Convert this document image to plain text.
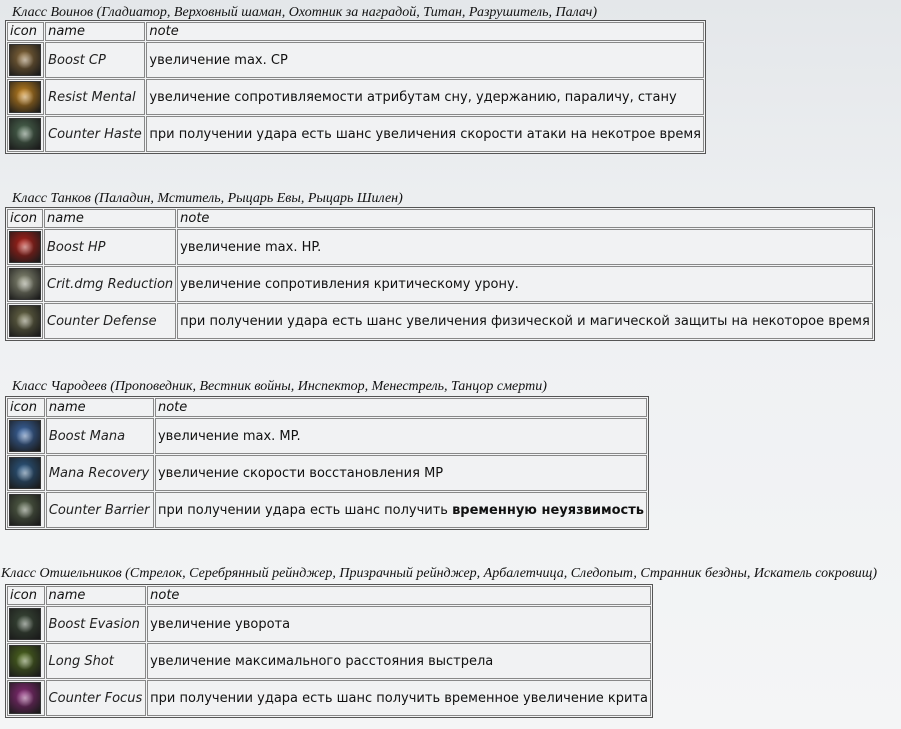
Класс Воинов (Гладиатор, Верховный шаман, Охотник за наградой, Титан, Разрушитель, Палач)
icon	name	note

	Boost CP	увеличение max. CP

	Resist Mental	увеличение сопротивляемости атрибутам сну, удержанию, параличу, стану

	Counter Haste	при получении удара есть шанс увеличения скорости атаки на некотрое время
Класс Танков (Паладин, Мститель, Рыцарь Евы, Рыцарь Шилен)
icon	name	note

	Boost HP	увеличение max. HP.

	Crit.dmg Reduction	увеличение сопротивления критическому урону.

	Counter Defense	при получении удара есть шанс увеличения физической и магической защиты на некоторое время
Класс Чародеев (Проповедник, Вестник войны, Инспектор, Менестрель, Танцор смерти)
icon	name	note

	Boost Mana	увеличение max. MP.

	Mana Recovery	увеличение скорости восстановления MP

	Counter Barrier	при получении удара есть шанс получить временную неуязвимость
Класс Отшельников (Стрелок, Серебрянный рейнджер, Призрачный рейнджер, Арбалетчица, Следопыт, Странник бездны, Искатель сокровищ)
icon	name	note

	Boost Evasion	увеличение уворота

	Long Shot	увеличение максимального расстояния выстрела

	Counter Focus	при получении удара есть шанс получить временное увеличение крита
